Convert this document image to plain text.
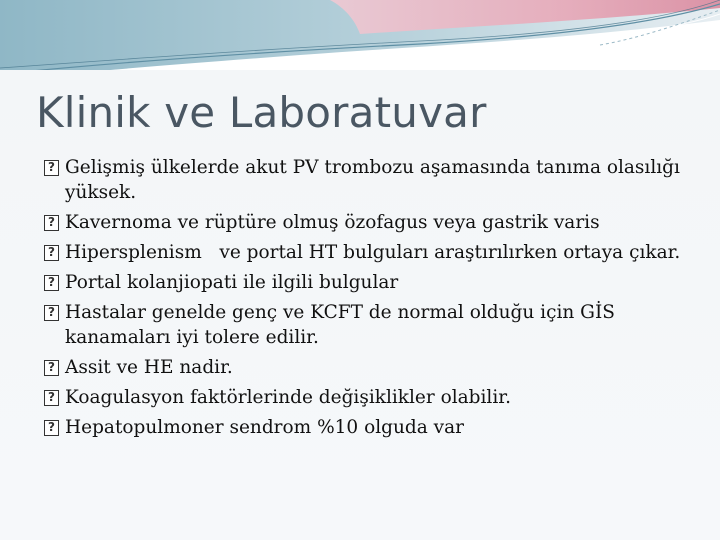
Klinik ve Laboratuvar
? Gelişmiş ülkelerde akut PV trombozu aşamasında tanıma olasılığı yüksek.
? Kavernoma ve rüptüre olmuş özofagus veya gastrik varis
? Hipersplenism   ve portal HT bulguları araştırılırken ortaya çıkar.
? Portal kolanjiopati ile ilgili bulgular
? Hastalar genelde genç ve KCFT de normal olduğu için GİS kanamaları iyi tolere edilir.
? Assit ve HE nadir.
? Koagulasyon faktörlerinde değişiklikler olabilir.
? Hepatopulmoner sendrom %10 olguda var
